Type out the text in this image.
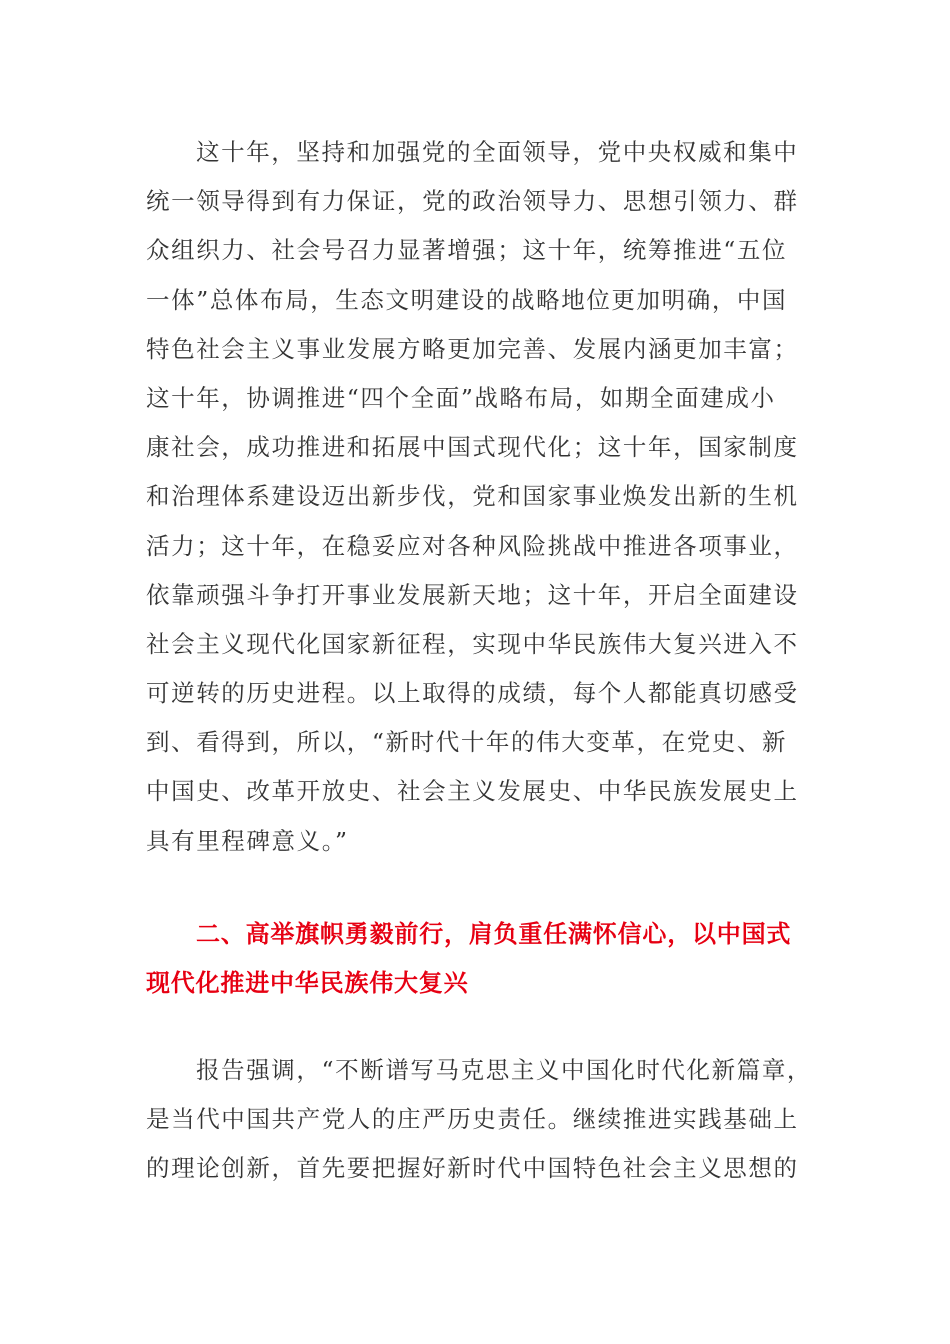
这十年，坚持和加强党的全面领导，党中央权威和集中
统一领导得到有力保证，党的政治领导力、思想引领力、群
众组织力、社会号召力显著增强；这十年，统筹推进“五位
一体”总体布局，生态文明建设的战略地位更加明确，中国
特色社会主义事业发展方略更加完善、发展内涵更加丰富；
这十年，协调推进“四个全面”战略布局，如期全面建成小
康社会，成功推进和拓展中国式现代化；这十年，国家制度
和治理体系建设迈出新步伐，党和国家事业焕发出新的生机
活力；这十年，在稳妥应对各种风险挑战中推进各项事业，
依靠顽强斗争打开事业发展新天地；这十年，开启全面建设
社会主义现代化国家新征程，实现中华民族伟大复兴进入不
可逆转的历史进程。以上取得的成绩，每个人都能真切感受
到、看得到，所以，“新时代十年的伟大变革，在党史、新
中国史、改革开放史、社会主义发展史、中华民族发展史上
具有里程碑意义。”
二、高举旗帜勇毅前行，肩负重任满怀信心，以中国式
现代化推进中华民族伟大复兴
报告强调，“不断谱写马克思主义中国化时代化新篇章，
是当代中国共产党人的庄严历史责任。继续推进实践基础上
的理论创新，首先要把握好新时代中国特色社会主义思想的
